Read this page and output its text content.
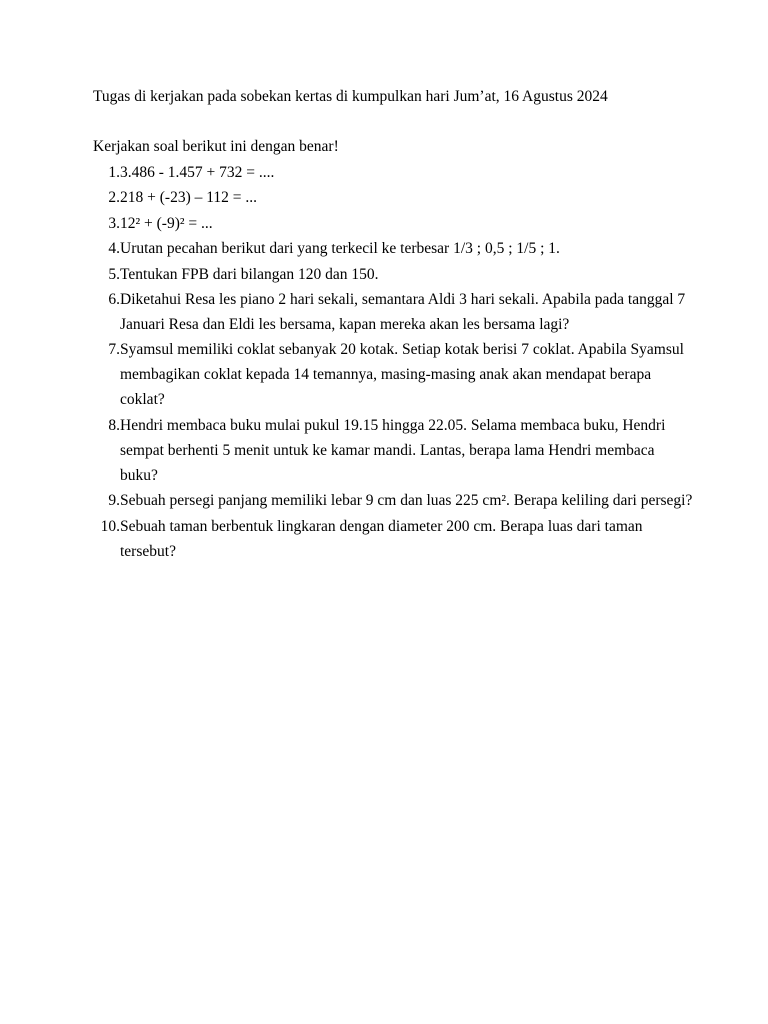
Tugas di kerjakan pada sobekan kertas di kumpulkan hari Jum’at, 16 Agustus 2024
Kerjakan soal berikut ini dengan benar!
1. 3.486 - 1.457 + 732 = ....
2. 218 + (-23) – 112 = ...
3. 12² + (-9)² = ...
4. Urutan pecahan berikut dari yang terkecil ke terbesar 1/3 ; 0,5 ; 1/5 ; 1.
5. Tentukan FPB dari bilangan 120 dan 150.
6. Diketahui Resa les piano 2 hari sekali, semantara Aldi 3 hari sekali. Apabila pada tanggal 7 Januari Resa dan Eldi les bersama, kapan mereka akan les bersama lagi?
7. Syamsul memiliki coklat sebanyak 20 kotak. Setiap kotak berisi 7 coklat. Apabila Syamsul membagikan coklat kepada 14 temannya, masing-masing anak akan mendapat berapa coklat?
8. Hendri membaca buku mulai pukul 19.15 hingga 22.05. Selama membaca buku, Hendri sempat berhenti 5 menit untuk ke kamar mandi. Lantas, berapa lama Hendri membaca buku?
9. Sebuah persegi panjang memiliki lebar 9 cm dan luas 225 cm². Berapa keliling dari persegi?
10. Sebuah taman berbentuk lingkaran dengan diameter 200 cm. Berapa luas dari taman tersebut?
